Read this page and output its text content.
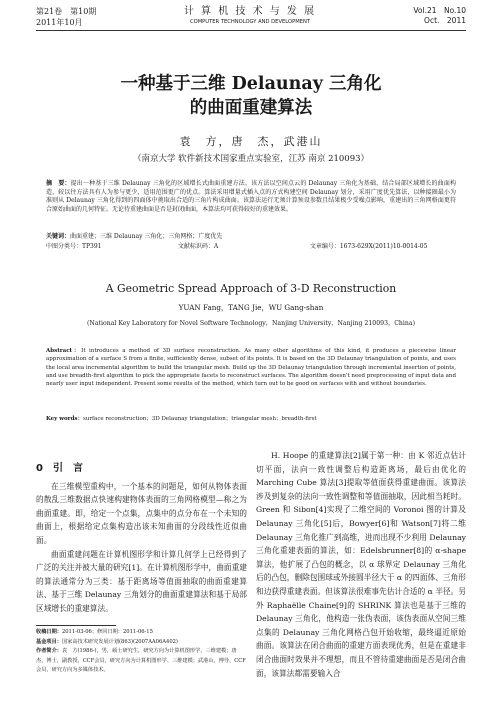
第21卷　第10期
2011年10月
计 算 机 技 术 与 发 展
COMPUTER TECHNOLOGY AND DEVELOPMENT
Vol.21　No.10
Oct.　2011
一种基于三维 Delaunay 三角化
的曲面重建算法
袁　方，唐　杰，武港山
（南京大学 软件新技术国家重点实验室，江苏 南京 210093）
摘　要：提出一种基于三维 Delaunay 三角化的区域增长式曲面重建方法。该方法以空间点云的 Delaunay 三角化为基础，结合局部区域增长的曲面构造，较以往方法具有人为参与更少，适用范围更广的优点。算法采用增量式插入点的方式构建空间 Delaunay 划分，采用广度优先算法，以种接圈最小为准则从 Delaunay 三角化得到的四面体中挑取出合适的三角片构成曲面。该算法运行无须计算预设参数且结果极少受噪点影响，重建出的三角网格面更符合原始曲面的几何特征。无论待重建曲面是否是封闭曲面，本算法均可获得较好的重建效果。
关键词：曲面重建；三维 Delaunay 三角化；三角网格；广度优先
中图分类号：TP391	文献标识码：A	文章编号：1673-629X(2011)10-0014-05
A Geometric Spread Approach of 3-D Reconstruction
YUAN Fang，TANG Jie，WU Gang-shan
(National Key Laboratory for Novel Software Technology，Nanjing University，Nanjing 210093，China)
Abstract：It introduces a method of 3D surface reconstruction. As many other algorithms of this kind, it produces a piecewise linear approximation of a surface S from a finite, sufficiently dense, subset of its points. It is based on the 3D Delaunay triangulation of points, and uses the local area incremental algorithm to build the triangular mesh. Build up the 3D Delaunay triangulation through incremental insertion of points, and use breadth-first algorithm to pick the appropriate facets to reconstruct surfaces. The algorithm doesn't need preprocessing of input data and nearly user input independent. Present some results of the method, which turn out to be good on surfaces with and without boundaries.
Key words：surface reconstruction；3D Delaunay triangulation；triangular mesh；breadth-first
0　引　言

在三维模型重构中，一个基本的问题是，如何从物体表面的散乱三维数据点快速构建物体表面的三角网格模型—称之为曲面重建。即，给定一个点集，点集中的点分布在一个未知的曲面上，根据给定点集构造出该未知曲面的分段线性近似曲面。

曲面重建问题在计算机图形学和计算几何学上已经得到了广泛的关注并被大量的研究[1]。在计算机图形学中，曲面重建的算法通常分为三类：基于距离场等值面抽取的曲面重建算法、基于三维 Delaunay 三角划分的曲面重建算法和基于局部区域增长的重建算法。

H. Hoope 的重建算法[2]属于第一种：由 K 邻近点估计切平面，法向一致性调整后构造距离场，最后由优化的 Marching Cube 算法[3]提取等值面获得重建曲面。该算法涉及到复杂的法向一致性调整和等值面抽取，因此相当耗时。Green 和 Sibon[4]实现了二维空间的 Voronoi 图的计算及 Delaunay 三角化[5]后，Bowyer[6]和 Watson[7]将二维 Delaunay 三角化推广到高维，进而出现不少利用 Delaunay 三角化重建表面的算法，如：Edelsbrunner[8]的 α-shape 算法，他扩展了凸包的概念，以 α 球界定 Delaunay 三角化后的凸包，删除包围球或外接圆半径大于 α 的四面体、三角形和边获得重建表面。但该算法很难事先估计合适的 α 半径。另外 Raphaëlle Chaine[9]的 SHRINK 算法也是基于三维的 Delaunay 三角化，他构造一张伪表面，该伪表面从空间三维点集的 Delaunay 三角化网格凸包开始收缩，最终逼近原始曲面。该算法在闭合曲面的重建方面表现优秀，但是在重建非闭合曲面时效果并不理想，而且不管待重建曲面是否是闭合曲面，该算法都需要输入合

收稿日期：2011-03-06；修回日期：2011-06-15
基金项目：国家高技术研究发展计划(863)(2007AA06A402)
作者简介：袁　方(1986-)，男，硕士研究生，研究方向为计算机图形学、三维建模；唐　杰，博士，副教授，CCF会员，研究方向为计算机图形学、三维建模；武港山，博导，CCF会员，研究方向为多媒体技术。
